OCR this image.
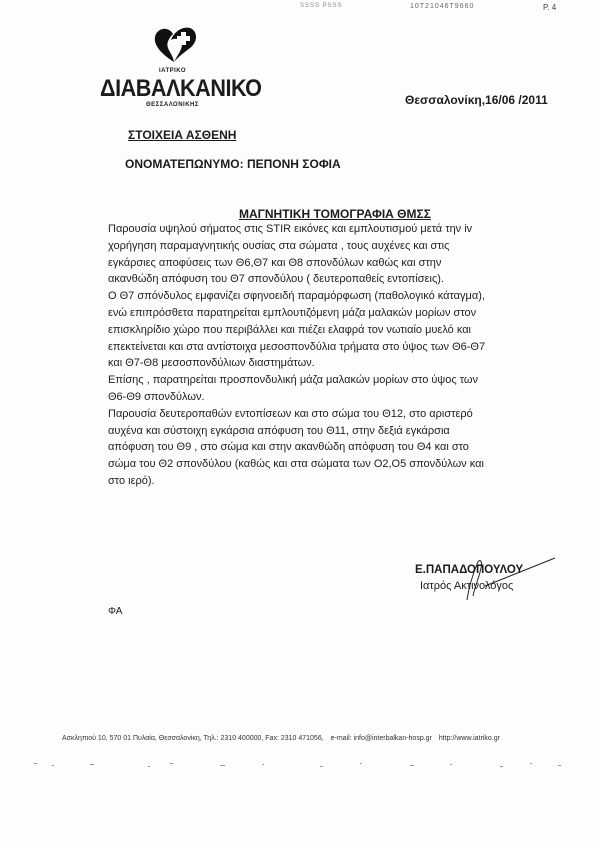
SSSS PSSS	10T21046T9660	P. 4
ΙΑΤΡΙΚΟ
ΔΙΑΒΑΛΚΑΝΙΚΟ
ΘΕΣΣΑΛΟΝΙΚΗΣ	Θεσσαλονίκη,16/06 /2011
ΣΤΟΙΧΕΙΑ ΑΣΘΕΝΗ
ΟΝΟΜΑΤΕΠΩΝΥΜΟ: ΠΕΠΟΝΗ ΣΟΦΙΑ
ΜΑΓΝΗΤΙΚΗ ΤΟΜΟΓΡΑΦΙΑ ΘΜΣΣ

Παρουσία υψηλού σήματος στις STIR εικόνες και εμπλουτισμού μετά την iv

χορήγηση παραμαγνητικής ουσίας στα σώματα , τους αυχένες και στις

εγκάρσιες αποφύσεις των Θ6,Θ7 και Θ8 σπονδύλων καθώς και στην

ακανθώδη απόφυση του Θ7 σπονδύλου ( δευτεροπαθείς εντοπίσεις).

Ο Θ7 σπόνδυλος εμφανίζει σφηνοειδή παραμόρφωση (παθολογικό κάταγμα),

ενώ επιπρόσθετα παρατηρείται εμπλουτιζόμενη μάζα μαλακών μορίων στον

επισκληρίδιο χώρο που περιβάλλει και πιέζει ελαφρά τον νωτιαίο μυελό και

επεκτείνεται και στα αντίστοιχα μεσοσπονδύλια τρήματα στο ύψος των Θ6-Θ7

και Θ7-Θ8 μεσοσπονδύλιων διαστημάτων.

Επίσης , παρατηρείται προσπονδυλική μάζα μαλακών μορίων στο ύψος των

Θ6-Θ9 σπονδύλων.

Παρουσία δευτεροπαθών εντοπίσεων και στο σώμα του Θ12, στο αριστερό

αυχένα και σύστοιχη εγκάρσια απόφυση του Θ11, στην δεξιά εγκάρσια

απόφυση του Θ9 , στο σώμα και στην ακανθώδη απόφυση του Θ4 και στο

σώμα του Θ2 σπονδύλου (καθώς και στα σώματα των Ο2,Ο5 σπονδύλων και

στο ιερό).

Ε.ΠΑΠΑΔΟΠΟΥΛΟΥ
Ιατρός Ακτινολόγος
ΦΑ
Ασκληπιού 10, 570 01 Πυλαία, Θεσσαλονίκη, Τηλ.: 2310 400000, Fax: 2310 471056, e-mail: info@interbalkan-hosp.gr http://www.iatriko.gr
